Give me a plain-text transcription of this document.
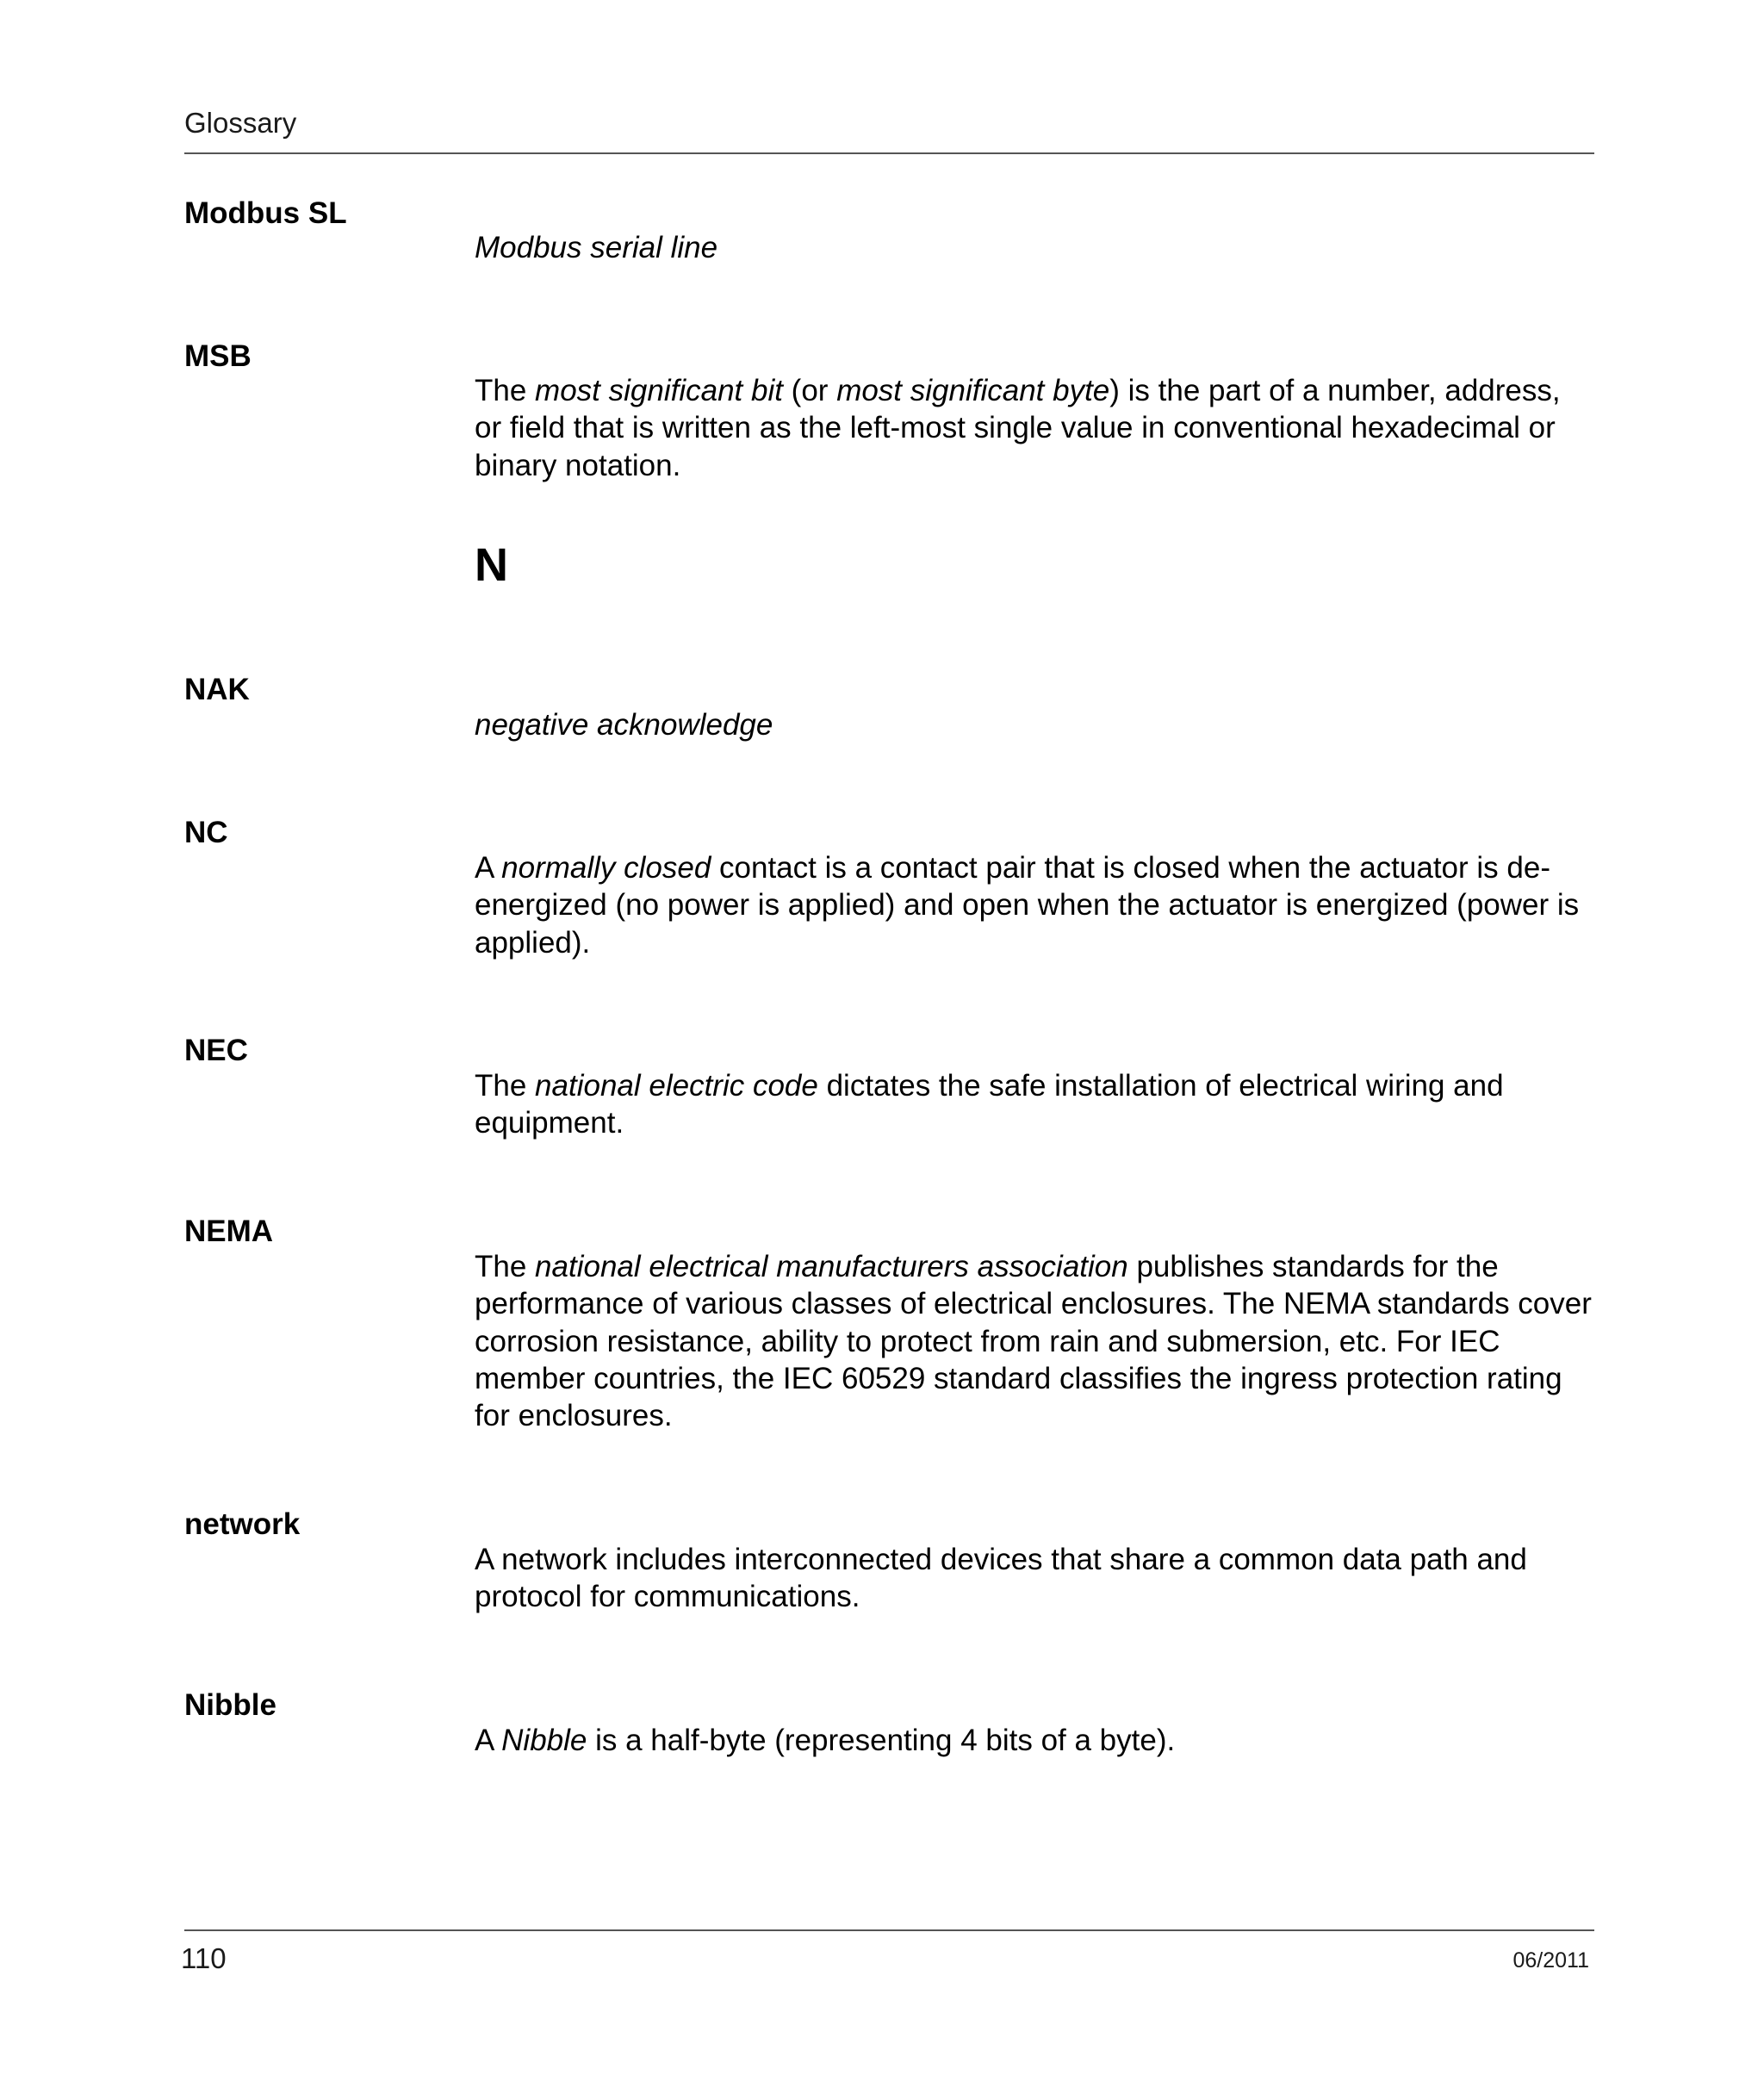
Glossary
Modbus SL
Modbus serial line
MSB
The most significant bit (or most significant byte) is the part of a number, address, or field that is written as the left-most single value in conventional hexadecimal or binary notation.
N
NAK
negative acknowledge
NC
A normally closed contact is a contact pair that is closed when the actuator is de-energized (no power is applied) and open when the actuator is energized (power is applied).
NEC
The national electric code dictates the safe installation of electrical wiring and equipment.
NEMA
The national electrical manufacturers association publishes standards for the performance of various classes of electrical enclosures. The NEMA standards cover corrosion resistance, ability to protect from rain and submersion, etc. For IEC member countries, the IEC 60529 standard classifies the ingress protection rating for enclosures.
network
A network includes interconnected devices that share a common data path and protocol for communications.
Nibble
A Nibble is a half-byte (representing 4 bits of a byte).
110	06/2011
